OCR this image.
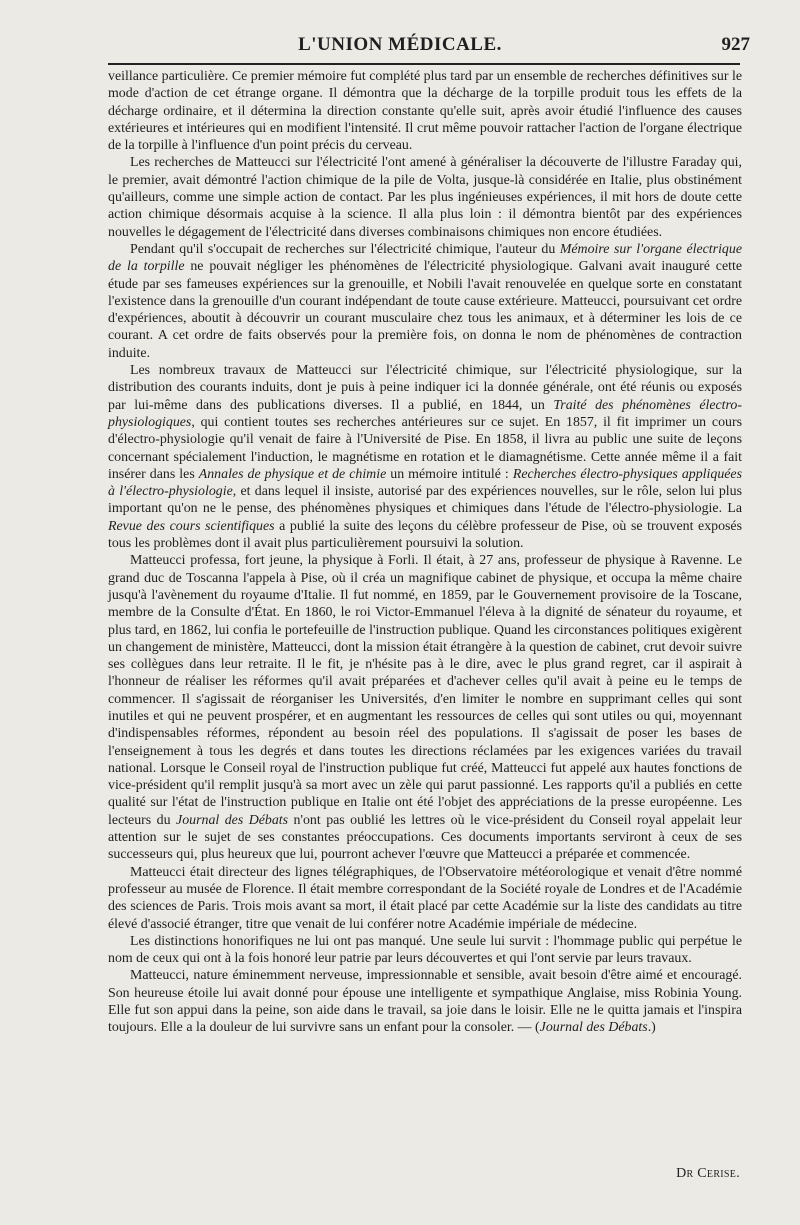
L'UNION MÉDICALE.	927

veillance particulière. Ce premier mémoire fut complété plus tard par un ensemble de recherches définitives sur le mode d'action de cet étrange organe. Il démontra que la décharge de la torpille produit tous les effets de la décharge ordinaire, et il détermina la direction constante qu'elle suit, après avoir étudié l'influence des causes extérieures et intérieures qui en modifient l'intensité. Il crut même pouvoir rattacher l'action de l'organe électrique de la torpille à l'influence d'un point précis du cerveau.

Les recherches de Matteucci sur l'électricité l'ont amené à généraliser la découverte de l'illustre Faraday qui, le premier, avait démontré l'action chimique de la pile de Volta, jusque-là considérée en Italie, plus obstinément qu'ailleurs, comme une simple action de contact. Par les plus ingénieuses expériences, il mit hors de doute cette action chimique désormais acquise à la science. Il alla plus loin : il démontra bientôt par des expériences nouvelles le dégagement de l'électricité dans diverses combinaisons chimiques non encore étudiées.

Pendant qu'il s'occupait de recherches sur l'électricité chimique, l'auteur du Mémoire sur l'organe électrique de la torpille ne pouvait négliger les phénomènes de l'électricité physiologique. Galvani avait inauguré cette étude par ses fameuses expériences sur la grenouille, et Nobili l'avait renouvelée en quelque sorte en constatant l'existence dans la grenouille d'un courant indépendant de toute cause extérieure. Matteucci, poursuivant cet ordre d'expériences, aboutit à découvrir un courant musculaire chez tous les animaux, et à déterminer les lois de ce courant. A cet ordre de faits observés pour la première fois, on donna le nom de phénomènes de contraction induite.

Les nombreux travaux de Matteucci sur l'électricité chimique, sur l'électricité physiologique, sur la distribution des courants induits, dont je puis à peine indiquer ici la donnée générale, ont été réunis ou exposés par lui-même dans des publications diverses. Il a publié, en 1844, un Traité des phénomènes électro-physiologiques, qui contient toutes ses recherches antérieures sur ce sujet. En 1857, il fit imprimer un cours d'électro-physiologie qu'il venait de faire à l'Université de Pise. En 1858, il livra au public une suite de leçons concernant spécialement l'induction, le magnétisme en rotation et le diamagnétisme. Cette année même il a fait insérer dans les Annales de physique et de chimie un mémoire intitulé : Recherches électro-physiques appliquées à l'électro-physiologie, et dans lequel il insiste, autorisé par des expériences nouvelles, sur le rôle, selon lui plus important qu'on ne le pense, des phénomènes physiques et chimiques dans l'étude de l'électro-physiologie. La Revue des cours scientifiques a publié la suite des leçons du célèbre professeur de Pise, où se trouvent exposés tous les problèmes dont il avait plus particulièrement poursuivi la solution.

Matteucci professa, fort jeune, la physique à Forli. Il était, à 27 ans, professeur de physique à Ravenne. Le grand duc de Toscanna l'appela à Pise, où il créa un magnifique cabinet de physique, et occupa la même chaire jusqu'à l'avènement du royaume d'Italie. Il fut nommé, en 1859, par le Gouvernement provisoire de la Toscane, membre de la Consulte d'État. En 1860, le roi Victor-Emmanuel l'éleva à la dignité de sénateur du royaume, et plus tard, en 1862, lui confia le portefeuille de l'instruction publique. Quand les circonstances politiques exigèrent un changement de ministère, Matteucci, dont la mission était étrangère à la question de cabinet, crut devoir suivre ses collègues dans leur retraite. Il le fit, je n'hésite pas à le dire, avec le plus grand regret, car il aspirait à l'honneur de réaliser les réformes qu'il avait préparées et d'achever celles qu'il avait à peine eu le temps de commencer. Il s'agissait de réorganiser les Universités, d'en limiter le nombre en supprimant celles qui sont inutiles et qui ne peuvent prospérer, et en augmentant les ressources de celles qui sont utiles ou qui, moyennant d'indispensables réformes, répondent au besoin réel des populations. Il s'agissait de poser les bases de l'enseignement à tous les degrés et dans toutes les directions réclamées par les exigences variées du travail national. Lorsque le Conseil royal de l'instruction publique fut créé, Matteucci fut appelé aux hautes fonctions de vice-président qu'il remplit jusqu'à sa mort avec un zèle qui parut passionné. Les rapports qu'il a publiés en cette qualité sur l'état de l'instruction publique en Italie ont été l'objet des appréciations de la presse européenne. Les lecteurs du Journal des Débats n'ont pas oublié les lettres où le vice-président du Conseil royal appelait leur attention sur le sujet de ses constantes préoccupations. Ces documents importants serviront à ceux de ses successeurs qui, plus heureux que lui, pourront achever l'œuvre que Matteucci a préparée et commencée.

Matteucci était directeur des lignes télégraphiques, de l'Observatoire météorologique et venait d'être nommé professeur au musée de Florence. Il était membre correspondant de la Société royale de Londres et de l'Académie des sciences de Paris. Trois mois avant sa mort, il était placé par cette Académie sur la liste des candidats au titre élevé d'associé étranger, titre que venait de lui conférer notre Académie impériale de médecine.

Les distinctions honorifiques ne lui ont pas manqué. Une seule lui survit : l'hommage public qui perpétue le nom de ceux qui ont à la fois honoré leur patrie par leurs découvertes et qui l'ont servie par leurs travaux.

Matteucci, nature éminemment nerveuse, impressionnable et sensible, avait besoin d'être aimé et encouragé. Son heureuse étoile lui avait donné pour épouse une intelligente et sympathique Anglaise, miss Robinia Young. Elle fut son appui dans la peine, son aide dans le travail, sa joie dans le loisir. Elle ne le quitta jamais et l'inspira toujours. Elle a la douleur de lui survivre sans un enfant pour la consoler. — (Journal des Débats.)

Dr Cerise.
